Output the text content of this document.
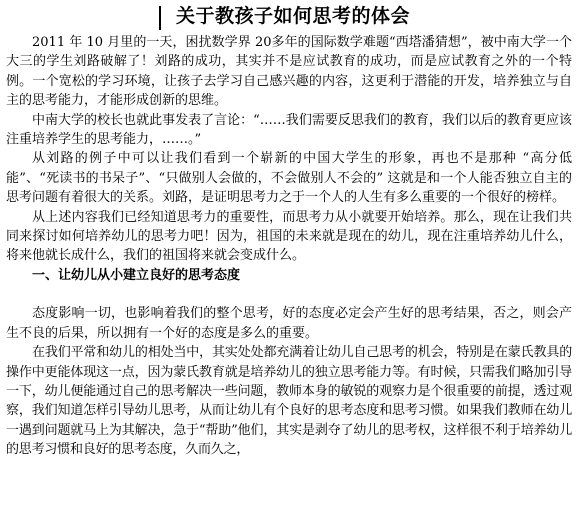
关于教孩子如何思考的体会

2011 年 10 月里的一天，困扰数学界 20多年的国际数学难题“西塔潘猜想”，被中南大学一个大三的学生刘路破解了！刘路的成功，其实并不是应试教育的成功，而是应试教育之外的一个特例。一个宽松的学习环境，让孩子去学习自己感兴趣的内容，这更利于潜能的开发，培养独立与自主的思考能力，才能形成创新的思维。

中南大学的校长也就此事发表了言论：“……我们需要反思我们的教育，我们以后的教育更应该注重培养学生的思考能力，……。”

从刘路的例子中可以让我们看到一个崭新的中国大学生的形象，再也不是那种 “高分低能”、“死读书的书呆子”、“只做别人会做的，不会做别人不会的” 这就是和一个人能否独立自主的思考问题有着很大的关系。刘路，是证明思考力之于一个人的人生有多么重要的一个很好的榜样。

从上述内容我们已经知道思考力的重要性，而思考力从小就要开始培养。那么，现在让我们共同来探讨如何培养幼儿的思考力吧！因为，祖国的未来就是现在的幼儿，现在注重培养幼儿什么，将来他就长成什么，我们的祖国将来就会变成什么。

一、让幼儿从小建立良好的思考态度

态度影响一切，也影响着我们的整个思考，好的态度必定会产生好的思考结果，否之，则会产生不良的后果，所以拥有一个好的态度是多么的重要。

在我们平常和幼儿的相处当中，其实处处都充满着让幼儿自己思考的机会，特别是在蒙氏教具的操作中更能体现这一点，因为蒙氏教育就是培养幼儿的独立思考能力等。有时候，只需我们略加引导一下，幼儿便能通过自己的思考解决一些问题，教师本身的敏锐的观察力是个很重要的前提，透过观察，我们知道怎样引导幼儿思考，从而让幼儿有个良好的思考态度和思考习惯。如果我们教师在幼儿一遇到问题就马上为其解决，急于“帮助”他们，其实是剥夺了幼儿的思考权，这样很不利于培养幼儿的思考习惯和良好的思考态度，久而久之，
